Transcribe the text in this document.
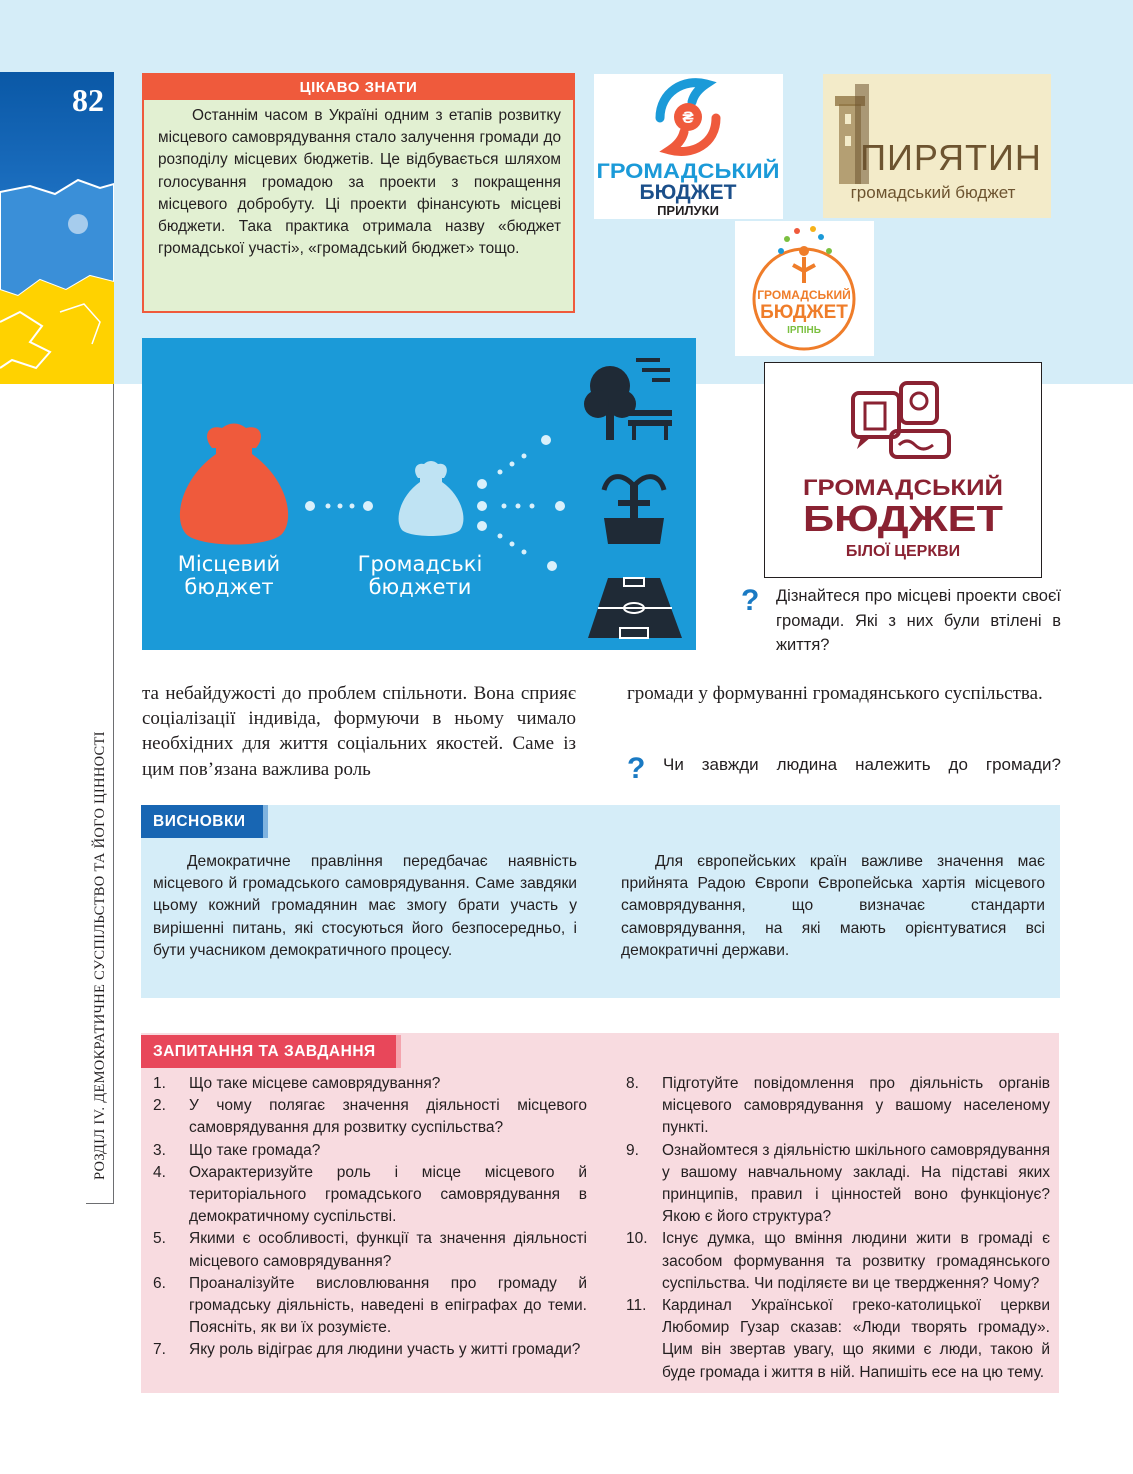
82
РОЗДІЛ IV. ДЕМОКРАТИЧНЕ СУСПІЛЬСТВО ТА ЙОГО ЦІННОСТІ
ЦІКАВО ЗНАТИ

Останнім часом в Україні одним з етапів розвитку місцевого самоврядування стало залучення громади до розподілу місцевих бюджетів. Це відбувається шляхом голосування громадою за проекти з покращення місцевого добробуту. Ці проекти фінансують місцеві бюджети. Така практика отримала назву «бюджет громадської участі», «громадський бюджет» тощо.

₴
ГРОМАДСЬКИЙ
БЮДЖЕТ
ПРИЛУКИ
ПИРЯТИН
громадський бюджет
ГРОМАДСЬКИЙ
БЮДЖЕТ
ІРПІНЬ
ГРОМАДСЬКИЙ
БЮДЖЕТ
БІЛОЇ ЦЕРКВИ
Місцевий
бюджет
Громадські
бюджети	? Дізнайтеся про місцеві проекти своєї громади. Які з них були втілені в життя?

та небайдужості до проблем спільноти. Вона сприяє соціалізації індивіда, формуючи в ньому чимало необхідних для життя соціальних якостей. Саме із цим пов’язана важлива роль

громади у формуванні громадянського суспільства.

? Чи завжди людина належить до громади?

ВИСНОВКИ

Демократичне правління передбачає наявність місцевого й громадського самоврядування. Саме завдяки цьому кожний громадянин має змогу брати участь у вирішенні питань, які стосуються його безпосередньо, і бути учасником демократичного процесу.

Для європейських країн важливе значення має прийнята Радою Європи Європейська хартія місцевого самоврядування, що визначає стандарти самоврядування, на які мають орієнтуватися всі демократичні держави.

ЗАПИТАННЯ ТА ЗАВДАННЯ
1. Що таке місцеве самоврядування?
2. У чому полягає значення діяльності місцевого самоврядування для розвитку суспільства?
3. Що таке громада?
4. Охарактеризуйте роль і місце місцевого й територіального громадського самоврядування в демократичному суспільстві.
5. Якими є особливості, функції та значення діяльності місцевого самоврядування?
6. Проаналізуйте висловлювання про громаду й громадську діяльність, наведені в епіграфах до теми. Поясніть, як ви їх розумієте.
7. Яку роль відіграє для людини участь у житті громади?
8. Підготуйте повідомлення про діяльність органів місцевого самоврядування у вашому населеному пункті.
9. Ознайомтеся з діяльністю шкільного самоврядування у вашому навчальному закладі. На підставі яких принципів, правил і цінностей воно функціонує? Якою є його структура?
10. Існує думка, що вміння людини жити в громаді є засобом формування та розвитку громадянського суспільства. Чи поділяєте ви це твердження? Чому?
11. Кардинал Української греко-католицької церкви Любомир Гузар сказав: «Люди творять громаду». Цим він звертав увагу, що якими є люди, такою й буде громада і життя в ній. Напишіть есе на цю тему.
